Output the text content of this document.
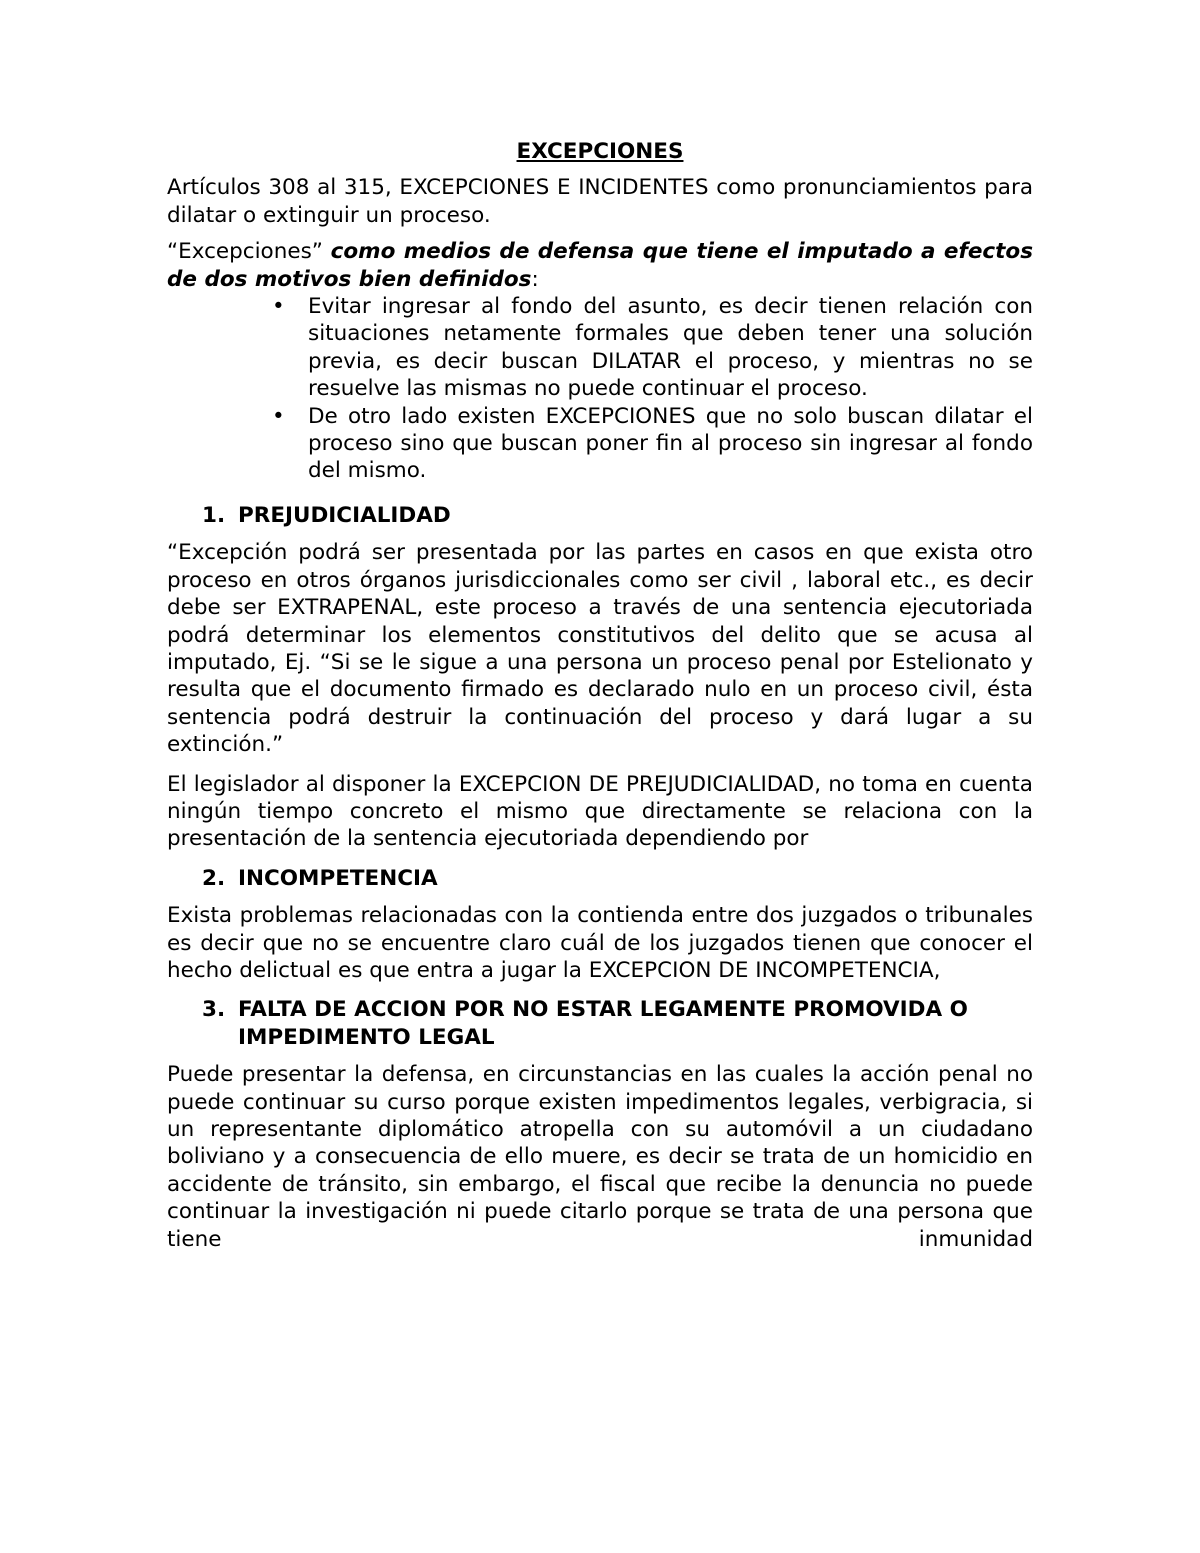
EXCEPCIONES

Artículos 308 al 315, EXCEPCIONES E INCIDENTES como pronunciamientos para dilatar o extinguir un proceso.

“Excepciones” como medios de defensa que tiene el imputado a efectos de dos motivos bien definidos:

• Evitar ingresar al fondo del asunto, es decir tienen relación con situaciones netamente formales que deben tener una solución previa, es decir buscan DILATAR el proceso, y mientras no se resuelve las mismas no puede continuar el proceso.
• De otro lado existen EXCEPCIONES que no solo buscan dilatar el proceso sino que buscan poner fin al proceso sin ingresar al fondo del mismo.
1. PREJUDICIALIDAD

“Excepción podrá ser presentada por las partes en casos en que exista otro proceso en otros órganos jurisdiccionales como ser civil , laboral etc., es decir debe ser EXTRAPENAL, este proceso a través de una sentencia ejecutoriada podrá determinar los elementos constitutivos del delito que se acusa al imputado, Ej. “Si se le sigue a una persona un proceso penal por Estelionato y resulta que el documento firmado es declarado nulo en un proceso civil, ésta sentencia podrá destruir la continuación del proceso y dará lugar a su extinción.”

El legislador al disponer la EXCEPCION DE PREJUDICIALIDAD, no toma en cuenta ningún tiempo concreto el mismo que directamente se relaciona con la presentación de la sentencia ejecutoriada dependiendo por

2. INCOMPETENCIA

Exista problemas relacionadas con la contienda entre dos juzgados o tribunales es decir que no se encuentre claro cuál de los juzgados tienen que conocer el hecho delictual es que entra a jugar la EXCEPCION DE INCOMPETENCIA,

3. FALTA DE ACCION POR NO ESTAR LEGAMENTE PROMOVIDA O IMPEDIMENTO LEGAL

Puede presentar la defensa, en circunstancias en las cuales la acción penal no puede continuar su curso porque existen impedimentos legales, verbigracia, si un representante diplomático atropella con su automóvil a un ciudadano boliviano y a consecuencia de ello muere, es decir se trata de un homicidio en accidente de tránsito, sin embargo, el fiscal que recibe la denuncia no puede continuar la investigación ni puede citarlo porque se trata de una persona que tiene inmunidad
